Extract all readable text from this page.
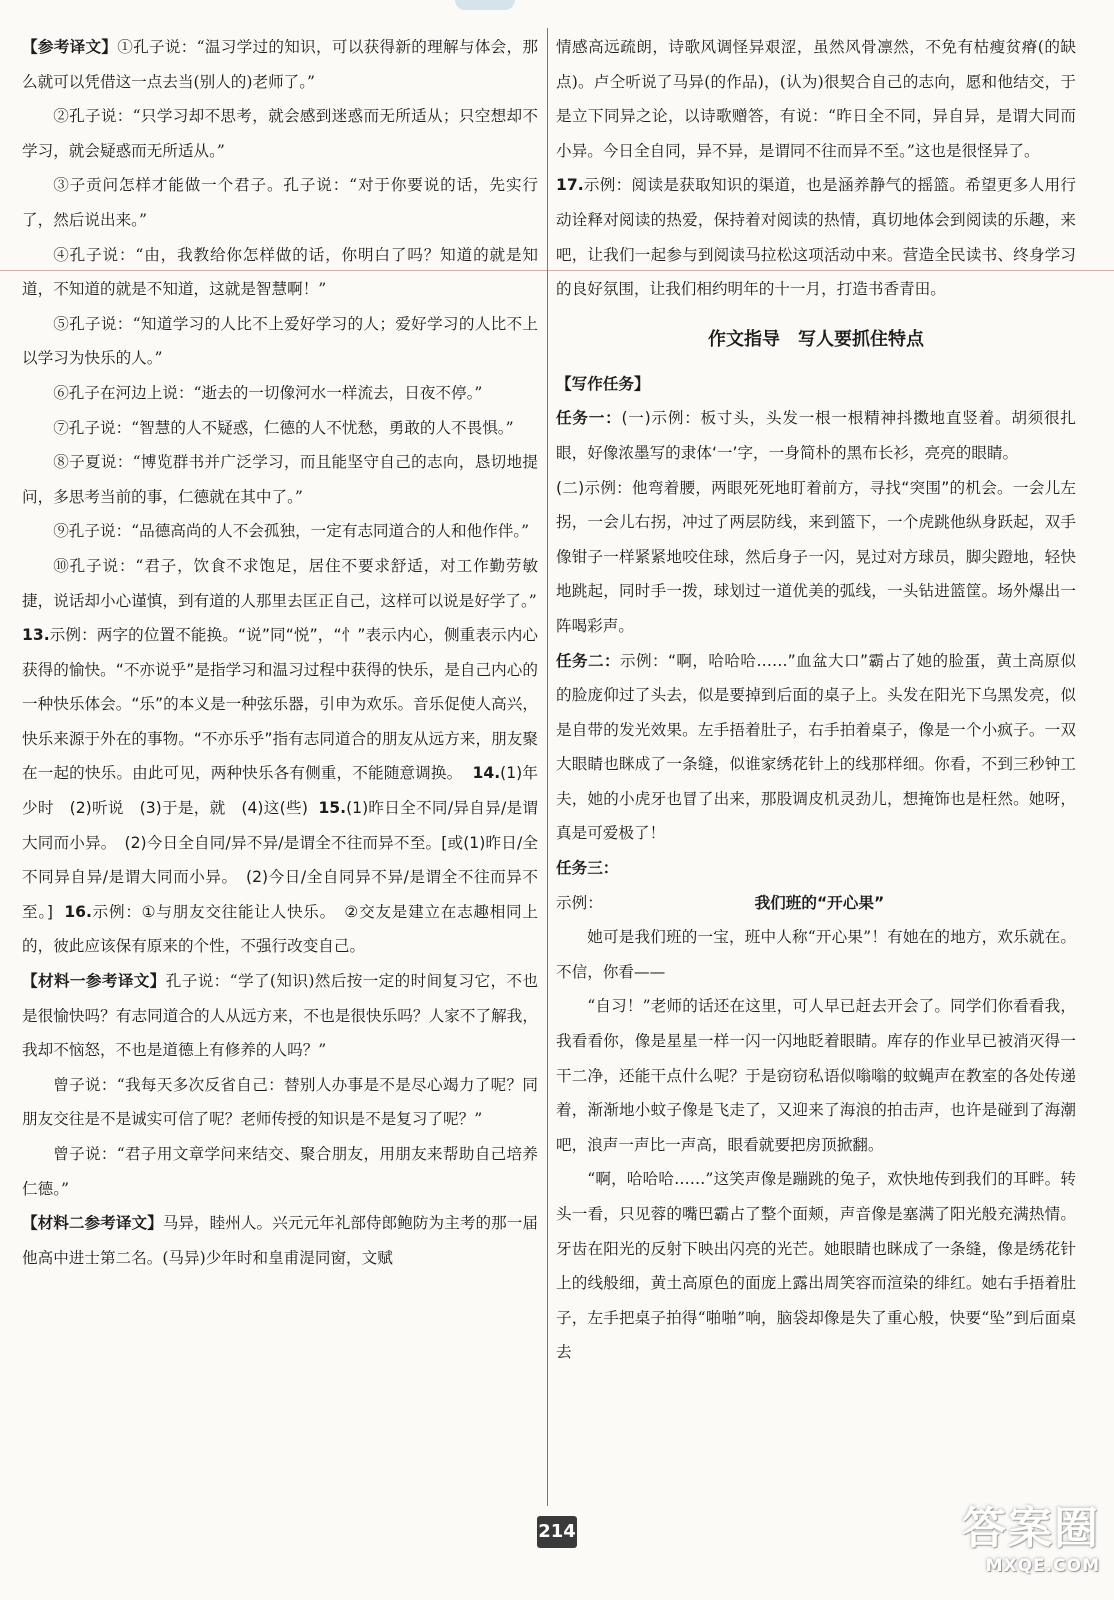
【参考译文】①孔子说：“温习学过的知识，可以获得新的理解与体会，那么就可以凭借这一点去当(别人的)老师了。”

②孔子说：“只学习却不思考，就会感到迷惑而无所适从；只空想却不学习，就会疑惑而无所适从。”

③子贡问怎样才能做一个君子。孔子说：“对于你要说的话，先实行了，然后说出来。”

④孔子说：“由，我教给你怎样做的话，你明白了吗？知道的就是知道，不知道的就是不知道，这就是智慧啊！”

⑤孔子说：“知道学习的人比不上爱好学习的人；爱好学习的人比不上以学习为快乐的人。”

⑥孔子在河边上说：“逝去的一切像河水一样流去，日夜不停。”

⑦孔子说：“智慧的人不疑惑，仁德的人不忧愁，勇敢的人不畏惧。”

⑧子夏说：“博览群书并广泛学习，而且能坚守自己的志向，恳切地提问，多思考当前的事，仁德就在其中了。”

⑨孔子说：“品德高尚的人不会孤独，一定有志同道合的人和他作伴。”

⑩孔子说：“君子，饮食不求饱足，居住不要求舒适，对工作勤劳敏捷，说话却小心谨慎，到有道的人那里去匡正自己，这样可以说是好学了。”

13.示例：两字的位置不能换。“说”同“悦”，“忄”表示内心，侧重表示内心获得的愉快。“不亦说乎”是指学习和温习过程中获得的快乐，是自己内心的一种快乐体会。“乐”的本义是一种弦乐器，引申为欢乐。音乐促使人高兴，快乐来源于外在的事物。“不亦乐乎”指有志同道合的朋友从远方来，朋友聚在一起的快乐。由此可见，两种快乐各有侧重，不能随意调换。 14.(1)年少时　(2)听说　(3)于是，就　(4)这(些) 15.(1)昨日全不同/异自异/是谓大同而小异。　(2)今日全自同/异不异/是谓全不往而异不至。[或(1)昨日/全不同异自异/是谓大同而小异。　(2)今日/全自同异不异/是谓全不往而异不至。] 16.示例：①与朋友交往能让人快乐。　②交友是建立在志趣相同上的，彼此应该保有原来的个性，不强行改变自己。

【材料一参考译文】孔子说：“学了(知识)然后按一定的时间复习它，不也是很愉快吗？有志同道合的人从远方来，不也是很快乐吗？人家不了解我，我却不恼怒，不也是道德上有修养的人吗？”

曾子说：“我每天多次反省自己：替别人办事是不是尽心竭力了呢？同朋友交往是不是诚实可信了呢？老师传授的知识是不是复习了呢？”

曾子说：“君子用文章学问来结交、聚合朋友，用朋友来帮助自己培养仁德。”

【材料二参考译文】马异，睦州人。兴元元年礼部侍郎鲍防为主考的那一届他高中进士第二名。(马异)少年时和皇甫湜同窗，文赋

情感高远疏朗，诗歌风调怪异艰涩，虽然风骨凛然，不免有枯瘦贫瘠(的缺点)。卢仝听说了马异(的作品)，(认为)很契合自己的志向，愿和他结交，于是立下同异之论，以诗歌赠答，有说：“昨日全不同，异自异，是谓大同而小异。今日全自同，异不异，是谓同不往而异不至。”这也是很怪异了。

17.示例：阅读是获取知识的渠道，也是涵养静气的摇篮。希望更多人用行动诠释对阅读的热爱，保持着对阅读的热情，真切地体会到阅读的乐趣，来吧，让我们一起参与到阅读马拉松这项活动中来。营造全民读书、终身学习的良好氛围，让我们相约明年的十一月，打造书香青田。

作文指导　写人要抓住特点

【写作任务】

任务一：(一)示例：板寸头，头发一根一根精神抖擞地直竖着。胡须很扎眼，好像浓墨写的隶体‘一’字，一身简朴的黑布长衫，亮亮的眼睛。

(二)示例：他弯着腰，两眼死死地盯着前方，寻找“突围”的机会。一会儿左拐，一会儿右拐，冲过了两层防线，来到篮下，一个虎跳他纵身跃起，双手像钳子一样紧紧地咬住球，然后身子一闪，晃过对方球员，脚尖蹬地，轻快地跳起，同时手一拨，球划过一道优美的弧线，一头钻进篮筐。场外爆出一阵喝彩声。

任务二：示例：“啊，哈哈哈……”血盆大口”霸占了她的脸蛋，黄土高原似的脸庞仰过了头去，似是要掉到后面的桌子上。头发在阳光下乌黑发亮，似是自带的发光效果。左手捂着肚子，右手拍着桌子，像是一个小疯子。一双大眼睛也眯成了一条缝，似谁家绣花针上的线那样细。你看，不到三秒钟工夫，她的小虎牙也冒了出来，那股调皮机灵劲儿，想掩饰也是枉然。她呀，真是可爱极了！

任务三：

示例：	我们班的“开心果”

她可是我们班的一宝，班中人称“开心果”！有她在的地方，欢乐就在。不信，你看——

“自习！”老师的话还在这里，可人早已赶去开会了。同学们你看看我，我看看你，像是星星一样一闪一闪地眨着眼睛。库存的作业早已被消灭得一干二净，还能干点什么呢？于是窃窃私语似嗡嗡的蚊蝇声在教室的各处传递着，渐渐地小蚊子像是飞走了，又迎来了海浪的拍击声，也许是碰到了海潮吧，浪声一声比一声高，眼看就要把房顶掀翻。

“啊，哈哈哈……”这笑声像是蹦跳的兔子，欢快地传到我们的耳畔。转头一看，只见蓉的嘴巴霸占了整个面颊，声音像是塞满了阳光般充满热情。牙齿在阳光的反射下映出闪亮的光芒。她眼睛也眯成了一条缝，像是绣花针上的线般细，黄土高原色的面庞上露出周笑容而渲染的绯红。她右手捂着肚子，左手把桌子拍得“啪啪”响，脑袋却像是失了重心般，快要“坠”到后面桌去

214	答案圈
MXQE.COM
